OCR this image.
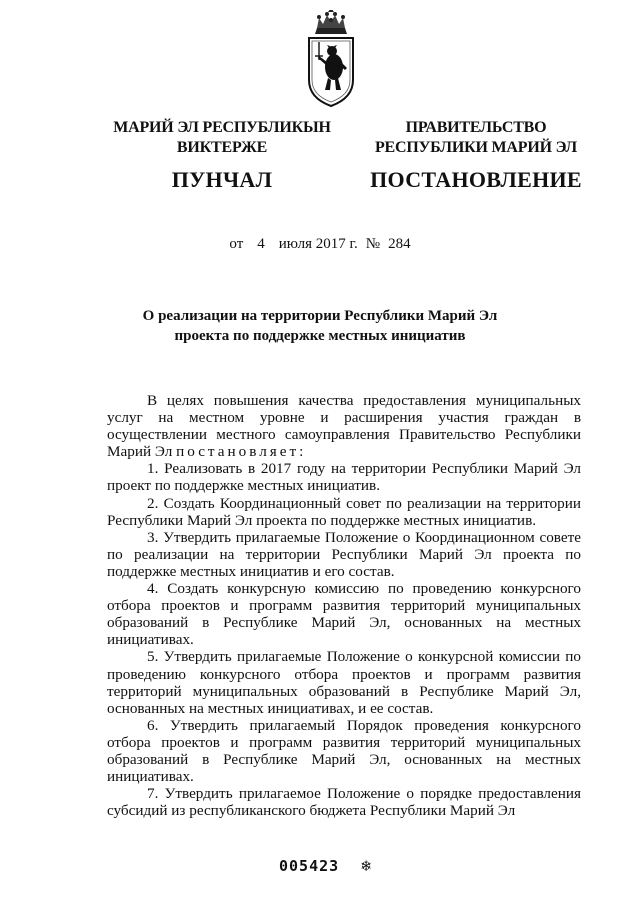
МАРИЙ ЭЛ РЕСПУБЛИКЫН
ВИКТЕРЖЕ
ПУНЧАЛ
ПРАВИТЕЛЬСТВО
РЕСПУБЛИКИ МАРИЙ ЭЛ
ПОСТАНОВЛЕНИЕ
от 4 июля 2017 г. № 284
О реализации на территории Республики Марий Эл
проекта по поддержке местных инициатив

В целях повышения качества предоставления муниципальных услуг на местном уровне и расширения участия граждан в осуществлении местного самоуправления Правительство Республики Марий Эл постановляет:

1. Реализовать в 2017 году на территории Республики Марий Эл проект по поддержке местных инициатив.

2. Создать Координационный совет по реализации на территории Республики Марий Эл проекта по поддержке местных инициатив.

3. Утвердить прилагаемые Положение о Координационном совете по реализации на территории Республики Марий Эл проекта по поддержке местных инициатив и его состав.

4. Создать конкурсную комиссию по проведению конкурсного отбора проектов и программ развития территорий муниципальных образований в Республике Марий Эл, основанных на местных инициативах.

5. Утвердить прилагаемые Положение о конкурсной комиссии по проведению конкурсного отбора проектов и программ развития территорий муниципальных образований в Республике Марий Эл, основанных на местных инициативах, и ее состав.

6. Утвердить прилагаемый Порядок проведения конкурсного отбора проектов и программ развития территорий муниципальных образований в Республике Марий Эл, основанных на местных инициативах.

7. Утвердить прилагаемое Положение о порядке предоставления субсидий из республиканского бюджета Республики Марий Эл

005423 ❄
